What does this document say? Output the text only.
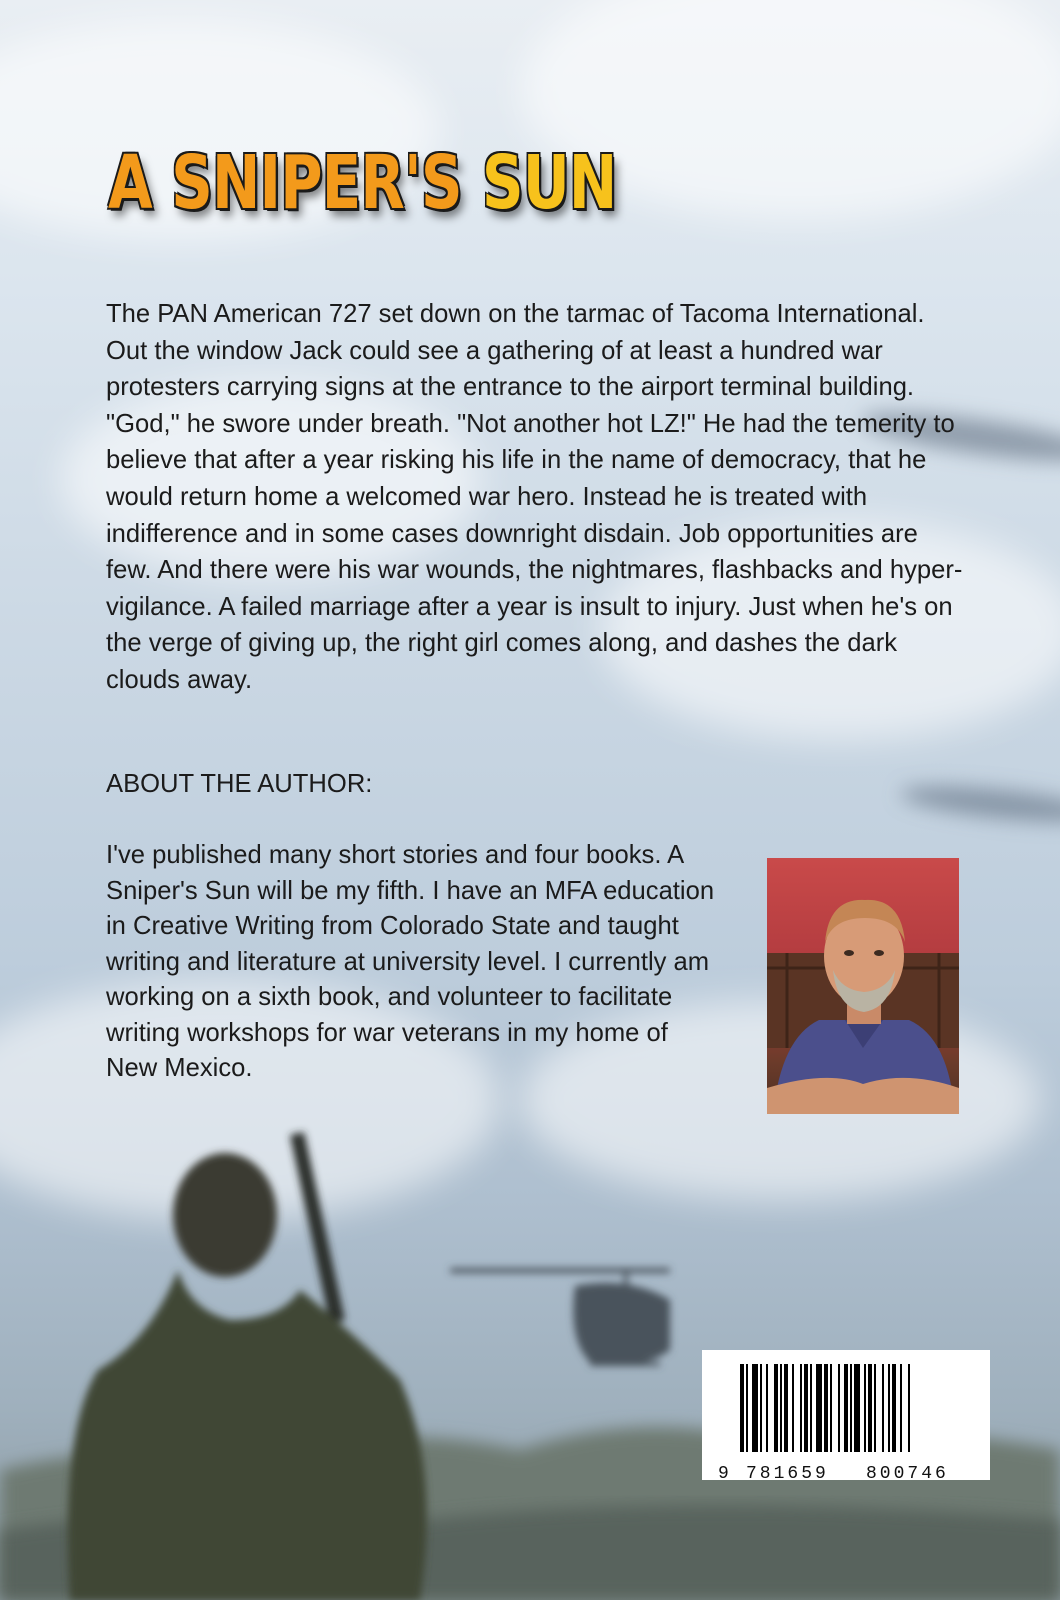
A SNIPER'S SUN

The PAN American 727 set down on the tarmac of Tacoma International. Out the window Jack could see a gathering of at least a hundred war protesters carrying signs at the entrance to the airport terminal building. "God," he swore under breath. "Not another hot LZ!" He had the temerity to believe that after a year risking his life in the name of democracy, that he would return home a welcomed war hero. Instead he is treated with indifference and in some cases downright disdain. Job opportunities are few. And there were his war wounds, the nightmares, flashbacks and hyper-vigilance. A failed marriage after a year is insult to injury. Just when he's on the verge of giving up, the right girl comes along, and dashes the dark clouds away.

ABOUT THE AUTHOR:

I've published many short stories and four books. A Sniper's Sun will be my fifth. I have an MFA education in Creative Writing from Colorado State and taught writing and literature at university level. I currently am working on a sixth book, and volunteer to facilitate writing workshops for war veterans in my home of New Mexico.

9 781659 800746
